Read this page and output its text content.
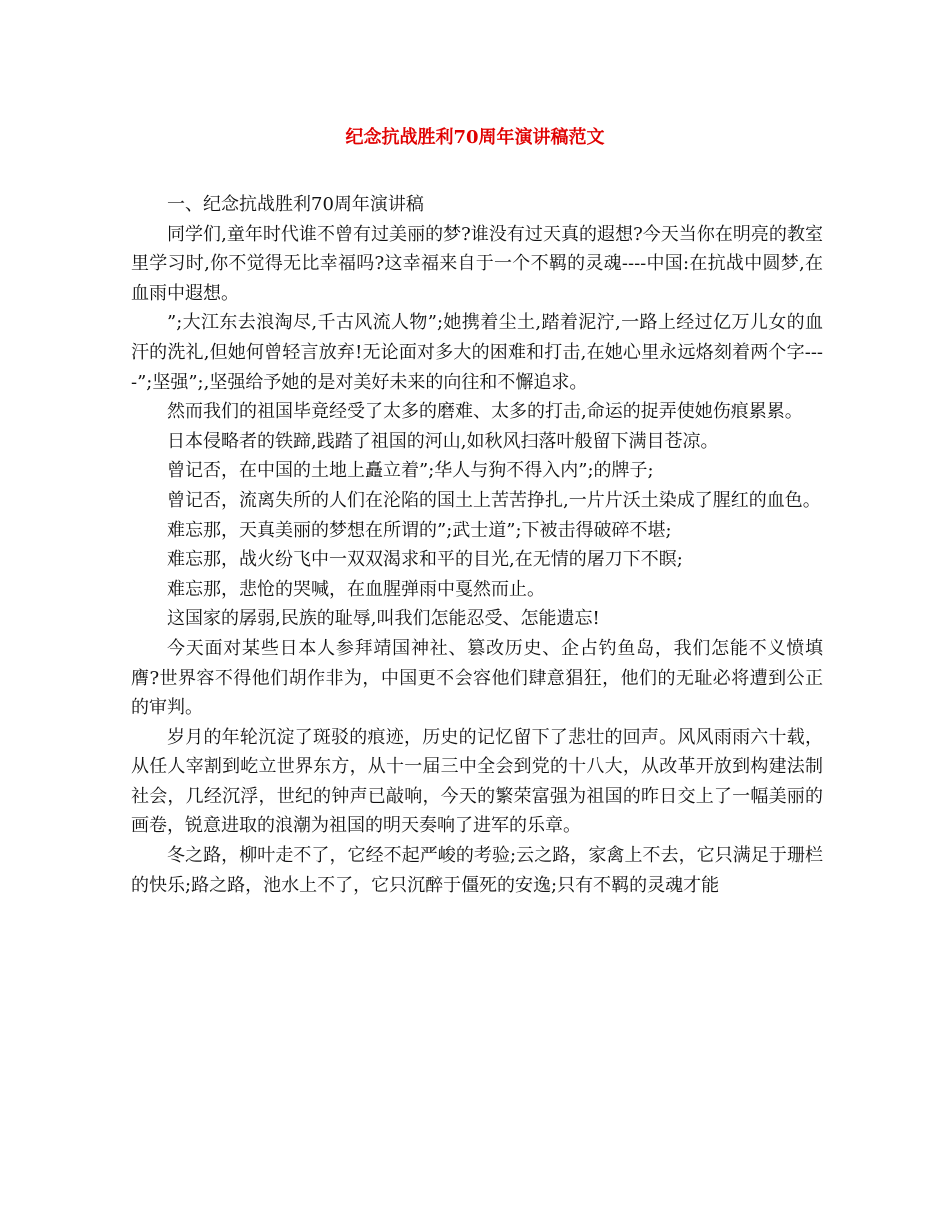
纪念抗战胜利70周年演讲稿范文

一、纪念抗战胜利70周年演讲稿

同学们,童年时代谁不曾有过美丽的梦?谁没有过天真的遐想?今天当你在明亮的教室里学习时,你不觉得无比幸福吗?这幸福来自于一个不羁的灵魂----中国:在抗战中圆梦,在血雨中遐想。

”;大江东去浪淘尽,千古风流人物”;她携着尘土,踏着泥泞,一路上经过亿万儿女的血汗的洗礼,但她何曾轻言放弃!无论面对多大的困难和打击,在她心里永远烙刻着两个字----”;坚强”;,坚强给予她的是对美好未来的向往和不懈追求。

然而我们的祖国毕竟经受了太多的磨难、太多的打击,命运的捉弄使她伤痕累累。

日本侵略者的铁蹄,践踏了祖国的河山,如秋风扫落叶般留下满目苍凉。

曾记否，在中国的土地上矗立着”;华人与狗不得入内”;的牌子;

曾记否，流离失所的人们在沦陷的国土上苦苦挣扎,一片片沃土染成了腥红的血色。

难忘那，天真美丽的梦想在所谓的”;武士道”;下被击得破碎不堪;

难忘那，战火纷飞中一双双渴求和平的目光,在无情的屠刀下不瞑;

难忘那，悲怆的哭喊，在血腥弹雨中戛然而止。

这国家的孱弱,民族的耻辱,叫我们怎能忍受、怎能遗忘!

今天面对某些日本人参拜靖国神社、篡改历史、企占钓鱼岛，我们怎能不义愤填膺?世界容不得他们胡作非为，中国更不会容他们肆意猖狂，他们的无耻必将遭到公正的审判。

岁月的年轮沉淀了斑驳的痕迹，历史的记忆留下了悲壮的回声。风风雨雨六十载，从任人宰割到屹立世界东方，从十一届三中全会到党的十八大，从改革开放到构建法制社会，几经沉浮，世纪的钟声已敲响，今天的繁荣富强为祖国的昨日交上了一幅美丽的画卷，锐意进取的浪潮为祖国的明天奏响了进军的乐章。

冬之路，柳叶走不了，它经不起严峻的考验;云之路，家禽上不去，它只满足于珊栏的快乐;路之路，池水上不了，它只沉醉于僵死的安逸;只有不羁的灵魂才能
